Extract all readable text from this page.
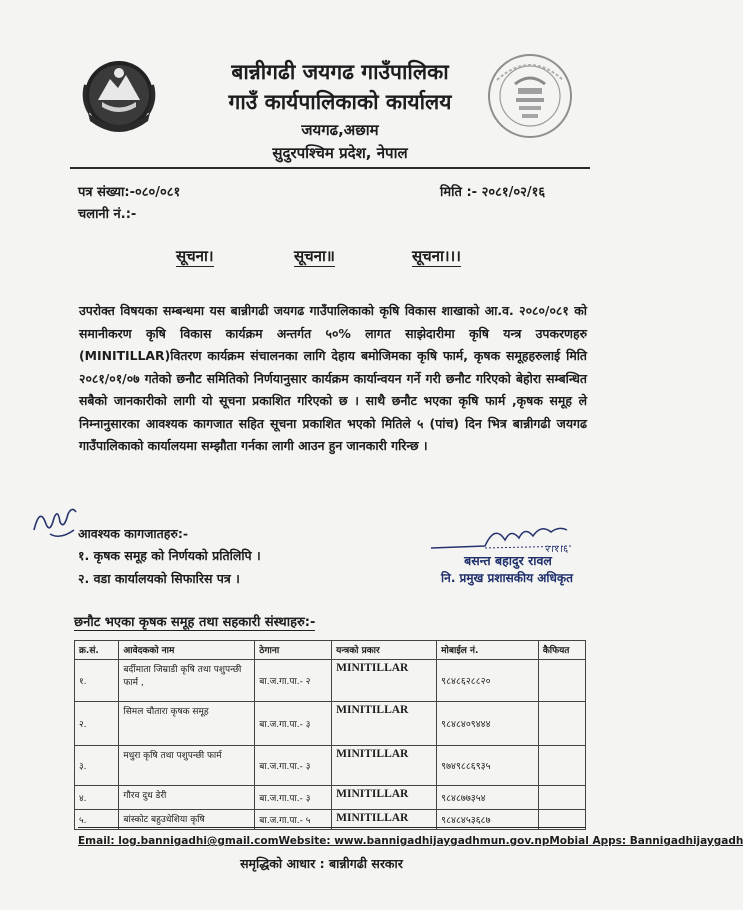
बान्नीगढी जयगढ गाउँपालिका
गाउँ कार्यपालिकाको कार्यालय
जयगढ,अछाम
सुदुरपश्चिम प्रदेश, नेपाल
पत्र संख्या:-०८०/०८१
चलानी नं.:-
मिति :- २०८१/०२/१६
सूचना।	सूचना॥	सूचना।।।
उपरोक्त विषयका सम्बन्धमा यस बान्नीगढी जयगढ गाउँपालिकाको कृषि विकास शाखाको आ.व. २०८०/०८१ को समानीकरण कृषि विकास कार्यक्रम अन्तर्गत ५०% लागत साझेदारीमा कृषि यन्त्र उपकरणहरु (MINITILLAR)वितरण कार्यक्रम संचालनका लागि देहाय बमोजिमका कृषि फार्म, कृषक समूहहरुलाई मिति २०८१/०१/०७ गतेको छनौट समितिको निर्णयानुसार कार्यक्रम कार्यान्वयन गर्ने गरी छनौट गरिएको बेहोरा सम्बन्धित सबैको जानकारीको लागी यो सूचना प्रकाशित गरिएको छ । साथै छनौट भएका कृषि फार्म ,कृषक समूह ले निम्नानुसारका आवश्यक कागजात सहित सूचना प्रकाशित भएको मितिले ५ (पांच) दिन भित्र बान्नीगढी जयगढ गाउँपालिकाको कार्यालयमा सम्झौता गर्नका लागी आउन हुन जानकारी गरिन्छ ।
आवश्यक कागजातहरु:-
१. कृषक समूह को निर्णयको प्रतिलिपि ।
२. वडा कार्यालयको सिफारिस पत्र ।
२।१।६
बसन्त बहादुर रावल
नि. प्रमुख प्रशासकीय अधिकृत
छनौट भएका कृषक समूह तथा सहकारी संस्थाहरु:-
क्र.सं.	आवेदकको नाम	ठेगाना	यन्त्रको प्रकार	मोबाईल नं.	कैफियत
१.	बर्दीमाता जिम्राडी कृषि तथा पशुपन्छी फार्म ,	बा.ज.गा.पा.- २	MINITILLAR	९८४८६२८८२०	
२.	सिमल चौतारा कृषक समूह	बा.ज.गा.पा.- ३	MINITILLAR	९८४८४०९४४४	
३.	मधुरा कृषि तथा पशुपन्छी फार्म	बा.ज.गा.पा.- ३	MINITILLAR	९७४९८८६९३५	
४.	गौरव दुध डेरी	बा.ज.गा.पा.- ३	MINITILLAR	९८४८७७३५४	
५.	बांस्कोट बहुउधेशिया कृषि	बा.ज.गा.पा.- ५	MINITILLAR	९८४८४५३६८७	
Email: log.bannigadhi@gmail.comWebsite: www.bannigadhijaygadhmun.gov.npMobial Apps: Bannigadhijaygadh
समृद्धिको आधार : बान्नीगढी सरकार
